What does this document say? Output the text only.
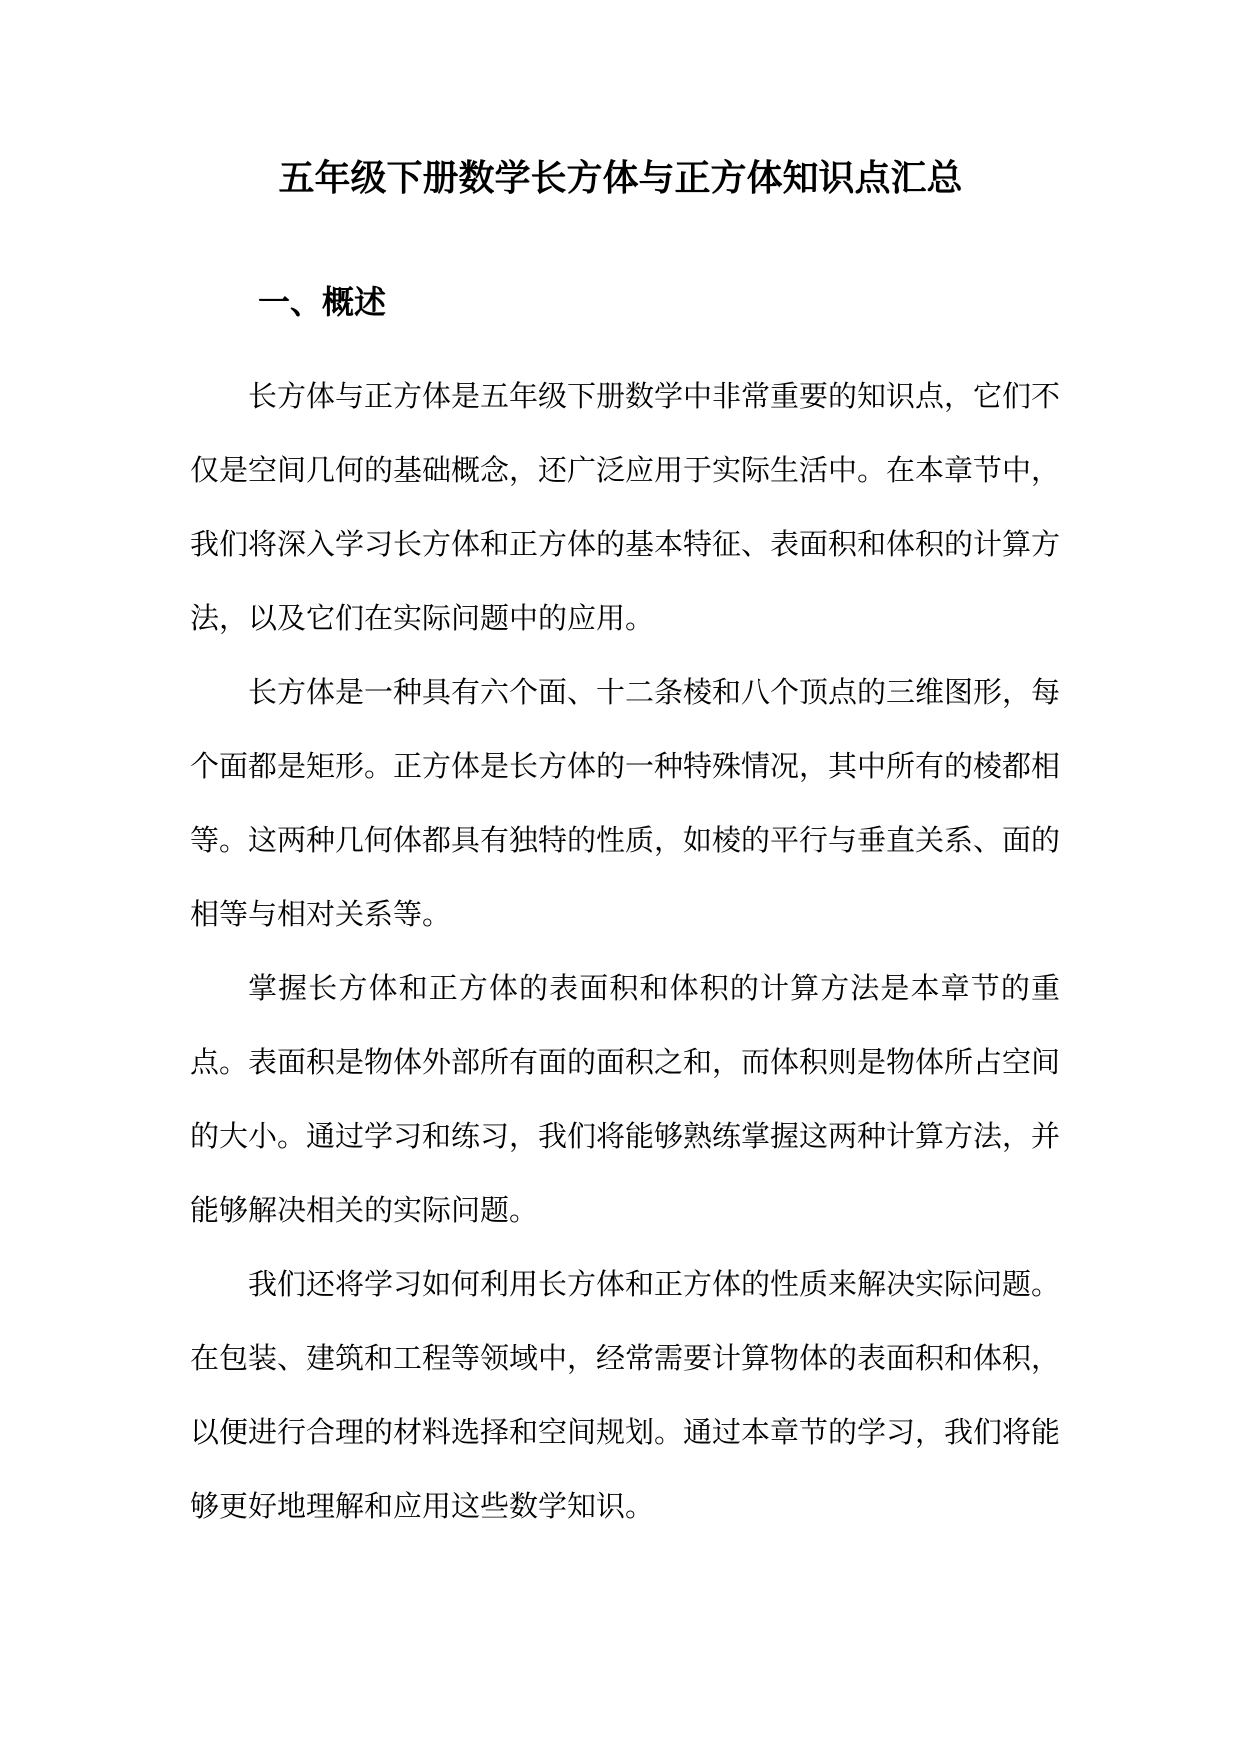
五年级下册数学长方体与正方体知识点汇总
一、概述

长方体与正方体是五年级下册数学中非常重要的知识点，它们不仅是空间几何的基础概念，还广泛应用于实际生活中。在本章节中，我们将深入学习长方体和正方体的基本特征、表面积和体积的计算方法，以及它们在实际问题中的应用。

长方体是一种具有六个面、十二条棱和八个顶点的三维图形，每个面都是矩形。正方体是长方体的一种特殊情况，其中所有的棱都相等。这两种几何体都具有独特的性质，如棱的平行与垂直关系、面的相等与相对关系等。

掌握长方体和正方体的表面积和体积的计算方法是本章节的重点。表面积是物体外部所有面的面积之和，而体积则是物体所占空间的大小。通过学习和练习，我们将能够熟练掌握这两种计算方法，并能够解决相关的实际问题。

我们还将学习如何利用长方体和正方体的性质来解决实际问题。在包装、建筑和工程等领域中，经常需要计算物体的表面积和体积，以便进行合理的材料选择和空间规划。通过本章节的学习，我们将能够更好地理解和应用这些数学知识。
